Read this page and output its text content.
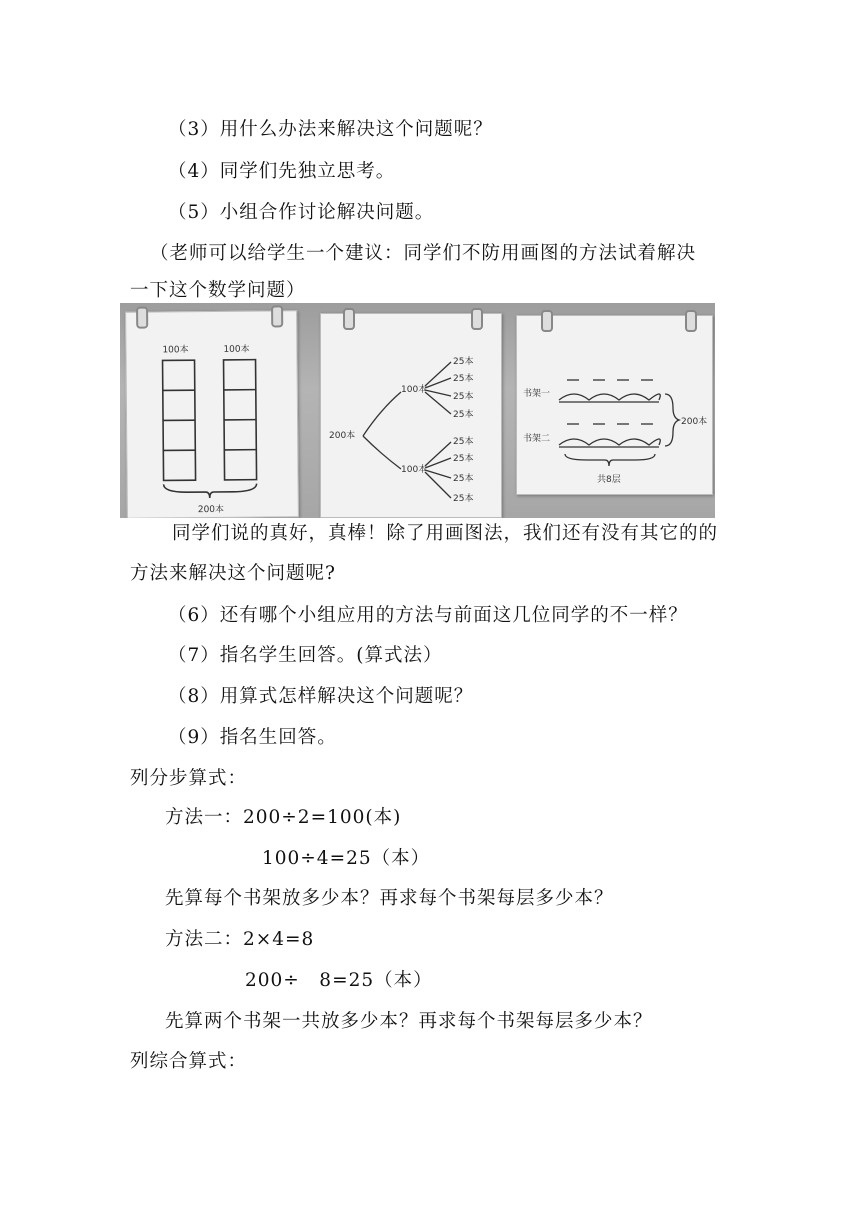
（3）用什么办法来解决这个问题呢？
（4）同学们先独立思考。
（5）小组合作讨论解决问题。
（老师可以给学生一个建议：同学们不防用画图的方法试着解决
一下这个数学问题）
100本	100本
200本
200本
100本
100本
25本
25本
25本
25本
25本
25本
25本
25本
书架一
书架二
200本
共8层
同学们说的真好，真棒！除了用画图法，我们还有没有其它的的
方法来解决这个问题呢?
（6）还有哪个小组应用的方法与前面这几位同学的不一样？
（7）指名学生回答。(算式法）
（8）用算式怎样解决这个问题呢？
（9）指名生回答。
列分步算式：
方法一：200÷2=100(本)
100÷4=25（本）
先算每个书架放多少本？再求每个书架每层多少本？
方法二：2×4=8
200÷　8=25（本）
先算两个书架一共放多少本？再求每个书架每层多少本？
列综合算式：
